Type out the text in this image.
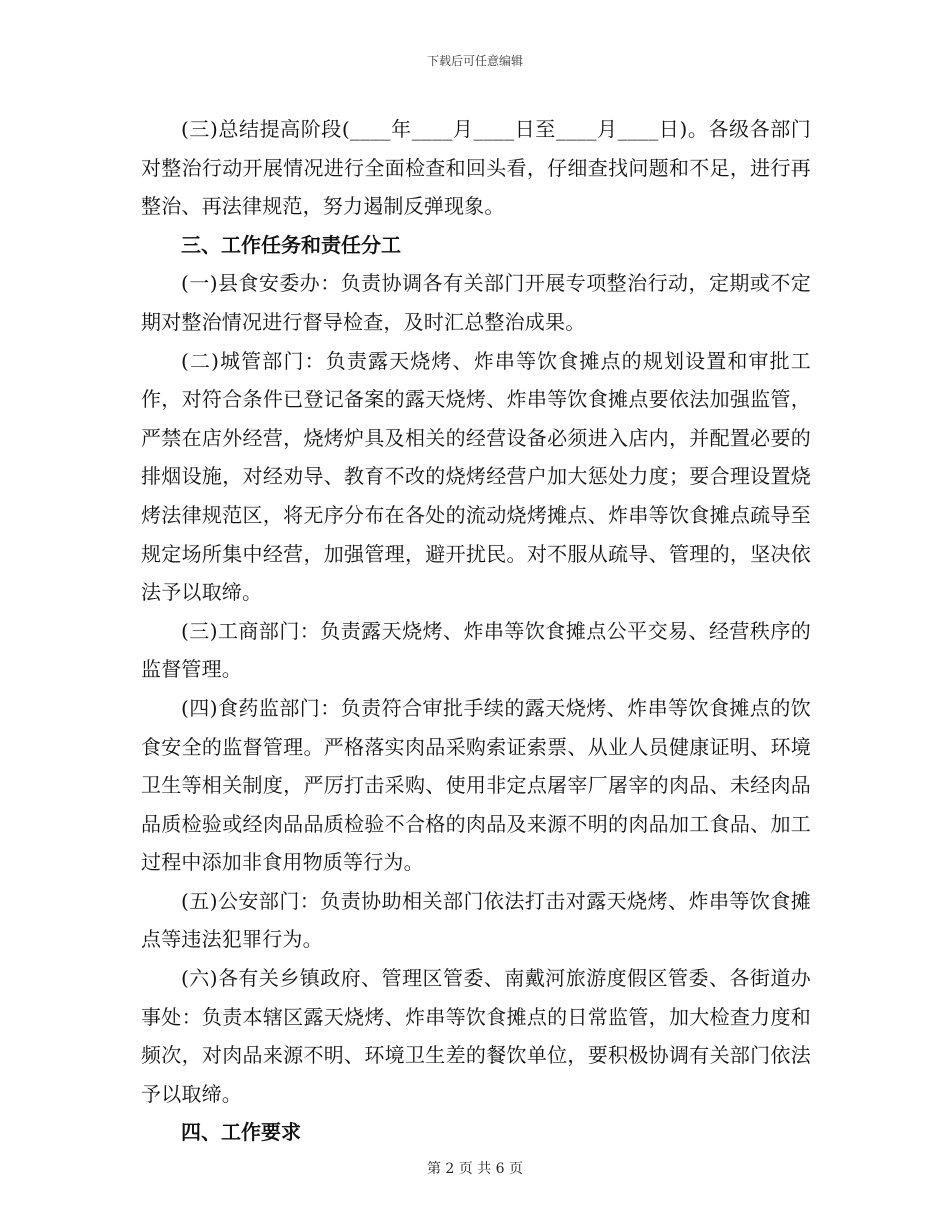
下载后可任意编辑

(三)总结提高阶段(____年____月____日至____月____日)。各级各部门对整治行动开展情况进行全面检查和回头看，仔细查找问题和不足，进行再整治、再法律规范，努力遏制反弹现象。

三、工作任务和责任分工

(一)县食安委办：负责协调各有关部门开展专项整治行动，定期或不定期对整治情况进行督导检查，及时汇总整治成果。

(二)城管部门：负责露天烧烤、炸串等饮食摊点的规划设置和审批工作，对符合条件已登记备案的露天烧烤、炸串等饮食摊点要依法加强监管，严禁在店外经营，烧烤炉具及相关的经营设备必须进入店内，并配置必要的排烟设施，对经劝导、教育不改的烧烤经营户加大惩处力度；要合理设置烧烤法律规范区，将无序分布在各处的流动烧烤摊点、炸串等饮食摊点疏导至规定场所集中经营，加强管理，避开扰民。对不服从疏导、管理的，坚决依法予以取缔。

(三)工商部门：负责露天烧烤、炸串等饮食摊点公平交易、经营秩序的监督管理。

(四)食药监部门：负责符合审批手续的露天烧烤、炸串等饮食摊点的饮食安全的监督管理。严格落实肉品采购索证索票、从业人员健康证明、环境卫生等相关制度，严厉打击采购、使用非定点屠宰厂屠宰的肉品、未经肉品品质检验或经肉品品质检验不合格的肉品及来源不明的肉品加工食品、加工过程中添加非食用物质等行为。

(五)公安部门：负责协助相关部门依法打击对露天烧烤、炸串等饮食摊点等违法犯罪行为。

(六)各有关乡镇政府、管理区管委、南戴河旅游度假区管委、各街道办事处：负责本辖区露天烧烤、炸串等饮食摊点的日常监管，加大检查力度和频次，对肉品来源不明、环境卫生差的餐饮单位，要积极协调有关部门依法予以取缔。

四、工作要求

第 2 页 共 6 页
